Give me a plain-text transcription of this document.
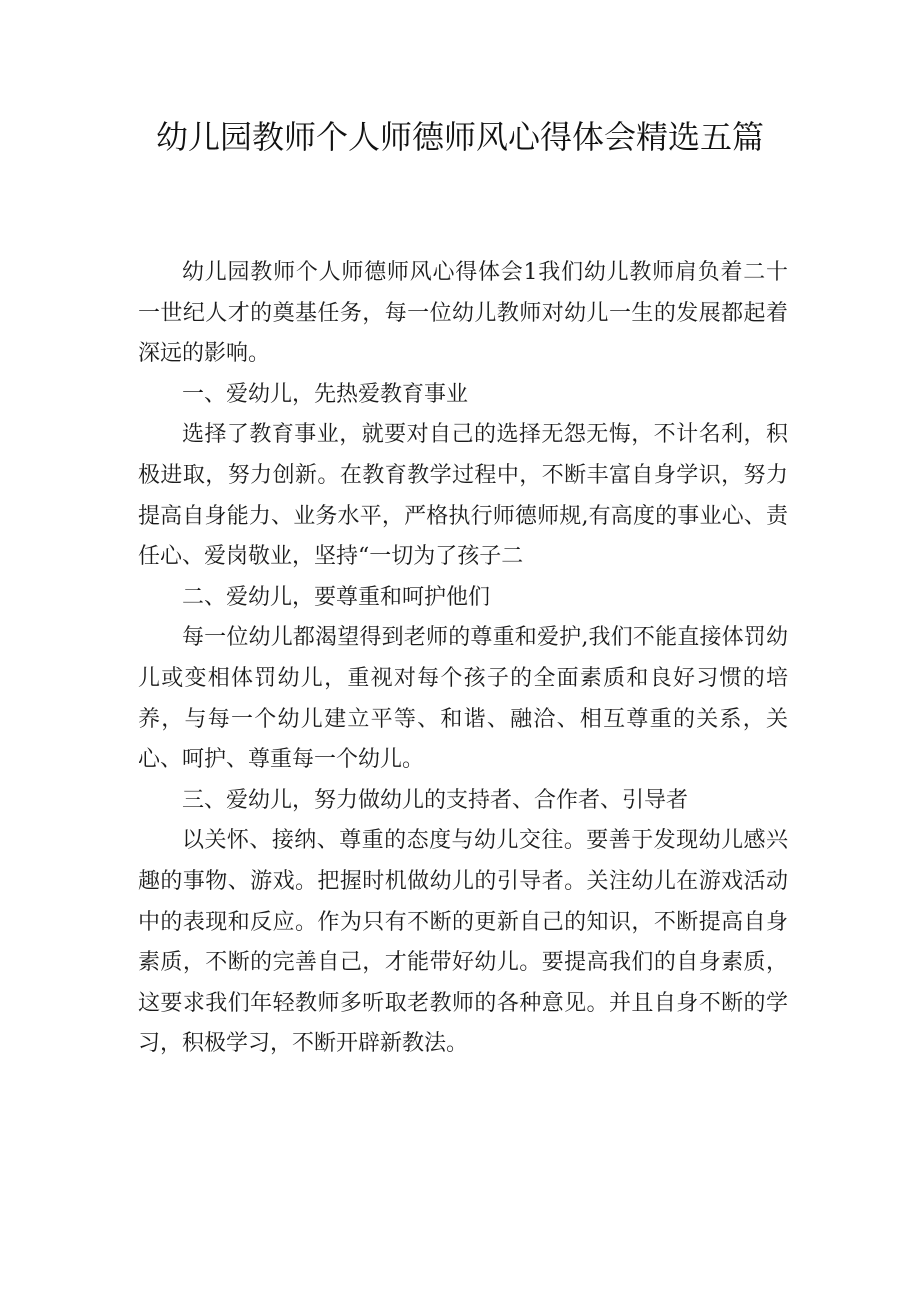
幼儿园教师个人师德师风心得体会精选五篇

幼儿园教师个人师德师风心得体会1我们幼儿教师肩负着二十一世纪人才的奠基任务，每一位幼儿教师对幼儿一生的发展都起着深远的影响。

一、爱幼儿，先热爱教育事业

选择了教育事业，就要对自己的选择无怨无悔，不计名利，积极进取，努力创新。在教育教学过程中，不断丰富自身学识，努力提高自身能力、业务水平，严格执行师德师规,有高度的事业心、责任心、爱岗敬业，坚持“一切为了孩子二

二、爱幼儿，要尊重和呵护他们

每一位幼儿都渴望得到老师的尊重和爱护,我们不能直接体罚幼儿或变相体罚幼儿，重视对每个孩子的全面素质和良好习惯的培养，与每一个幼儿建立平等、和谐、融洽、相互尊重的关系，关心、呵护、尊重每一个幼儿。

三、爱幼儿，努力做幼儿的支持者、合作者、引导者

以关怀、接纳、尊重的态度与幼儿交往。要善于发现幼儿感兴趣的事物、游戏。把握时机做幼儿的引导者。关注幼儿在游戏活动中的表现和反应。作为只有不断的更新自己的知识，不断提高自身素质，不断的完善自己，才能带好幼儿。要提高我们的自身素质，这要求我们年轻教师多听取老教师的各种意见。并且自身不断的学习，积极学习，不断开辟新教法。
